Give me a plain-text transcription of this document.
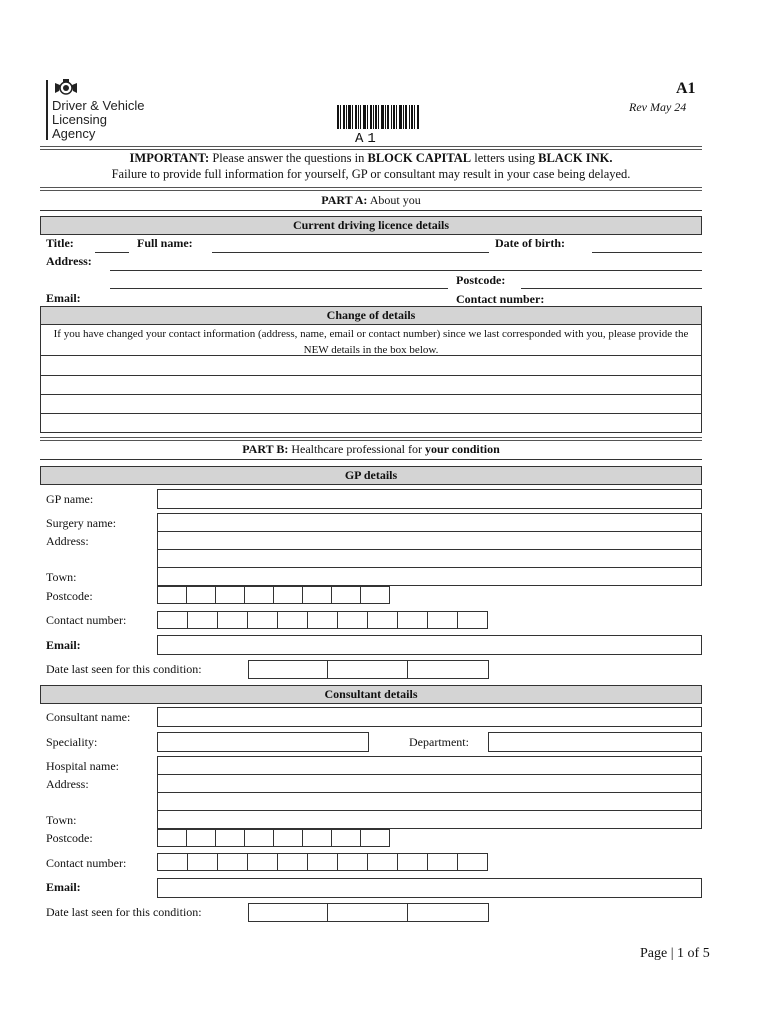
Driver & Vehicle
Licensing
Agency
A1
Rev May 24
A1
IMPORTANT: Please answer the questions in BLOCK CAPITAL letters using BLACK INK.
Failure to provide full information for yourself, GP or consultant may result in your case being delayed.
PART A: About you
Current driving licence details
Title:	Full name:	Date of birth:
Address:
Postcode:
Email:	Contact number:
Change of details
If you have changed your contact information (address, name, email or contact number) since we last corresponded with you, please provide the NEW details in the box below.
PART B: Healthcare professional for your condition
GP details
GP name:
Surgery name:
Address:
Town:
Postcode:
Contact number:
Email:
Date last seen for this condition:
Consultant details
Consultant name:
Speciality:	Department:
Hospital name:
Address:
Town:
Postcode:
Contact number:
Email:
Date last seen for this condition:
Page | 1 of 5
